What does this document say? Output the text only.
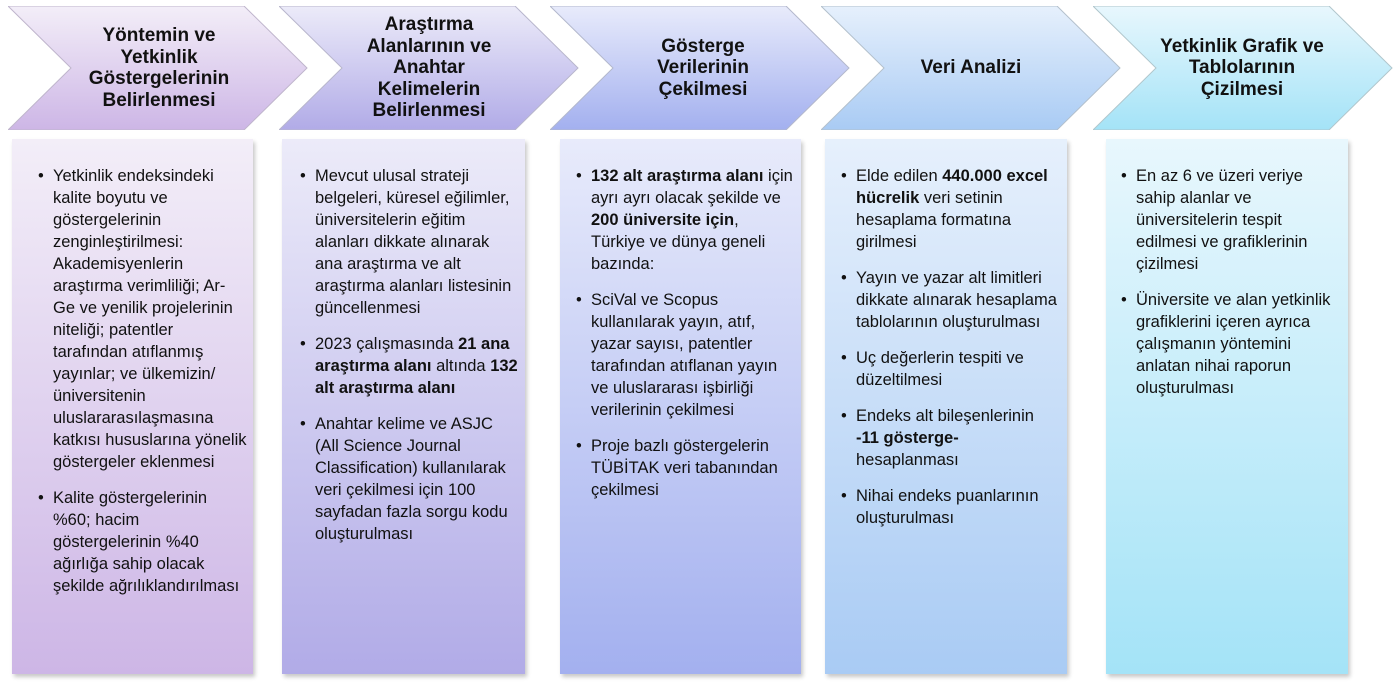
Yöntemin ve Yetkinlik Göstergelerinin Belirlenmesi
Araştırma Alanlarının ve Anahtar Kelimelerin Belirlenmesi
Gösterge Verilerinin Çekilmesi
Veri Analizi
Yetkinlik Grafik ve Tablolarının Çizilmesi
• Yetkinlik endeksindeki kalite boyutu ve göstergelerinin zenginleştirilmesi: Akademisyenlerin araştırma verimliliği; Ar-Ge ve yenilik projelerinin niteliği; patentler tarafından atıflanmış yayınlar; ve ülkemizin/üniversitenin uluslararasılaşmasına katkısı hususlarına yönelik göstergeler eklenmesi
• Kalite göstergelerinin %60; hacim göstergelerinin %40 ağırlığa sahip olacak şekilde ağrılıklandırılması
• Mevcut ulusal strateji belgeleri, küresel eğilimler, üniversitelerin eğitim alanları dikkate alınarak ana araştırma ve alt araştırma alanları listesinin güncellenmesi
• 2023 çalışmasında 21 ana araştırma alanı altında 132 alt araştırma alanı
• Anahtar kelime ve ASJC (All Science Journal Classification) kullanılarak veri çekilmesi için 100 sayfadan fazla sorgu kodu oluşturulması
• 132 alt araştırma alanı için ayrı ayrı olacak şekilde ve 200 üniversite için, Türkiye ve dünya geneli bazında:
• SciVal ve Scopus kullanılarak yayın, atıf, yazar sayısı, patentler tarafından atıflanan yayın ve uluslararası işbirliği verilerinin çekilmesi
• Proje bazlı göstergelerin TÜBİTAK veri tabanından çekilmesi
• Elde edilen 440.000 excel hücrelik veri setinin hesaplama formatına girilmesi
• Yayın ve yazar alt limitleri dikkate alınarak hesaplama tablolarının oluşturulması
• Uç değerlerin tespiti ve düzeltilmesi
• Endeks alt bileşenlerinin -11 gösterge- hesaplanması
• Nihai endeks puanlarının oluşturulması
• En az 6 ve üzeri veriye sahip alanlar ve üniversitelerin tespit edilmesi ve grafiklerinin çizilmesi
• Üniversite ve alan yetkinlik grafiklerini içeren ayrıca çalışmanın yöntemini anlatan nihai raporun oluşturulması
